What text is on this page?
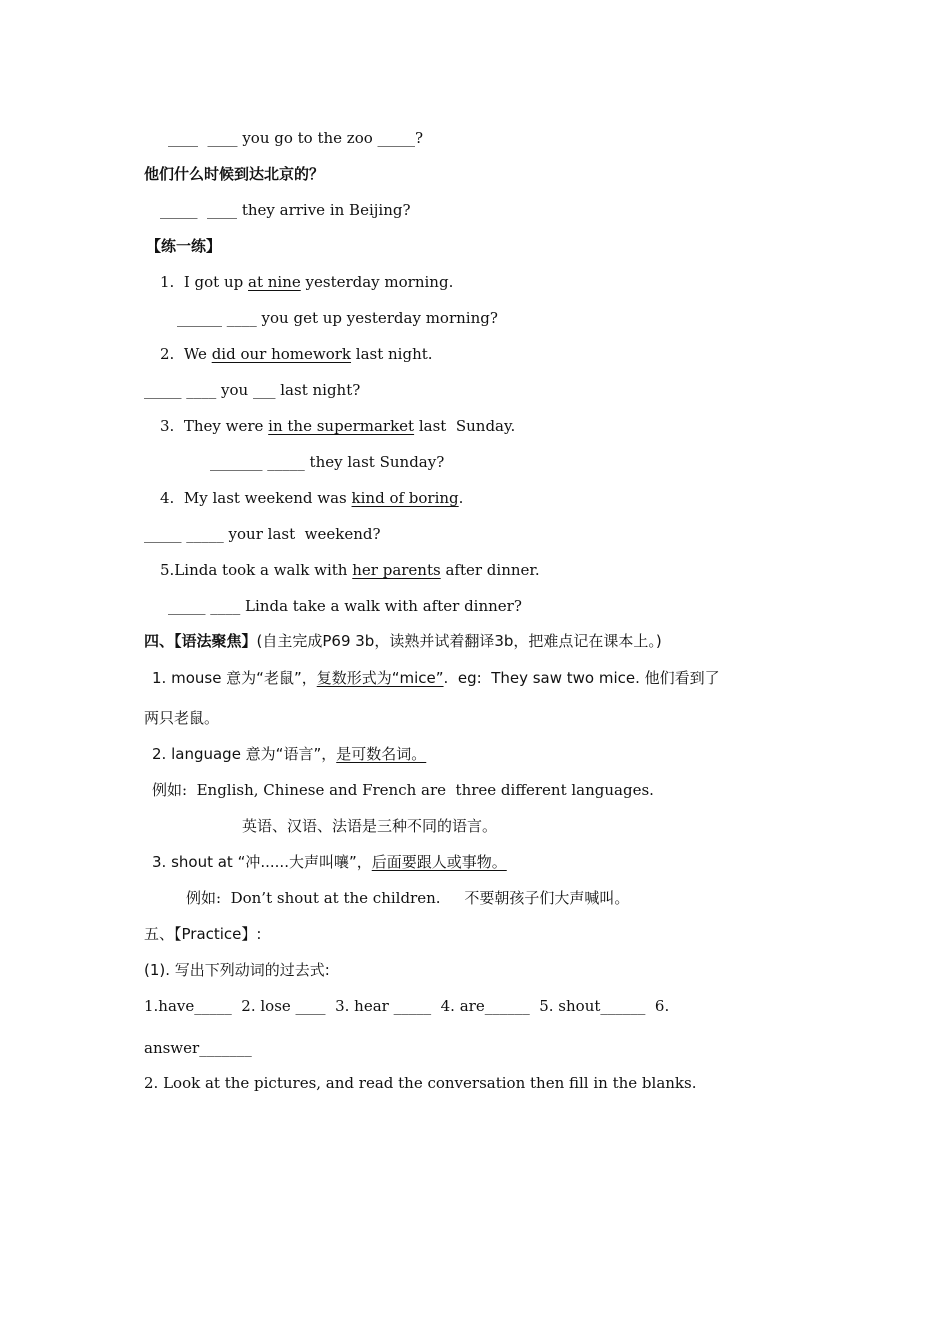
____ ____ you go to the zoo _____?
他们什么时候到达北京的？
_____ ____ they arrive in Beijing?
【练一练】
1.  I got up at nine yesterday morning.
______ ____ you get up yesterday morning?
2.  We did our homework last night.
_____ ____ you ___ last night?
3.  They were in the supermarket last  Sunday.
_______ _____ they last Sunday?
4.  My last weekend was kind of boring.
_____ _____ your last  weekend?
5.Linda took a walk with her parents after dinner.
_____ ____ Linda take a walk with after dinner?
四、【语法聚焦】(自主完成P69 3b，读熟并试着翻译3b，把难点记在课本上。)
1. mouse 意为“老鼠”，复数形式为“mice”.  eg:  They saw two mice. 他们看到了
两只老鼠。
2. language 意为“语言”，是可数名词。
例如:  English, Chinese and French are  three different languages.
英语、汉语、法语是三种不同的语言。
3. shout at “冲......大声叫嚷”，后面要跟人或事物。
例如:  Don’t shout at the children.     不要朝孩子们大声喊叫。
五、【Practice】:
(1). 写出下列动词的过去式:
1.have_____  2. lose ____  3. hear _____  4. are______  5. shout______  6.
answer_______
2. Look at the pictures, and read the conversation then fill in the blanks.
